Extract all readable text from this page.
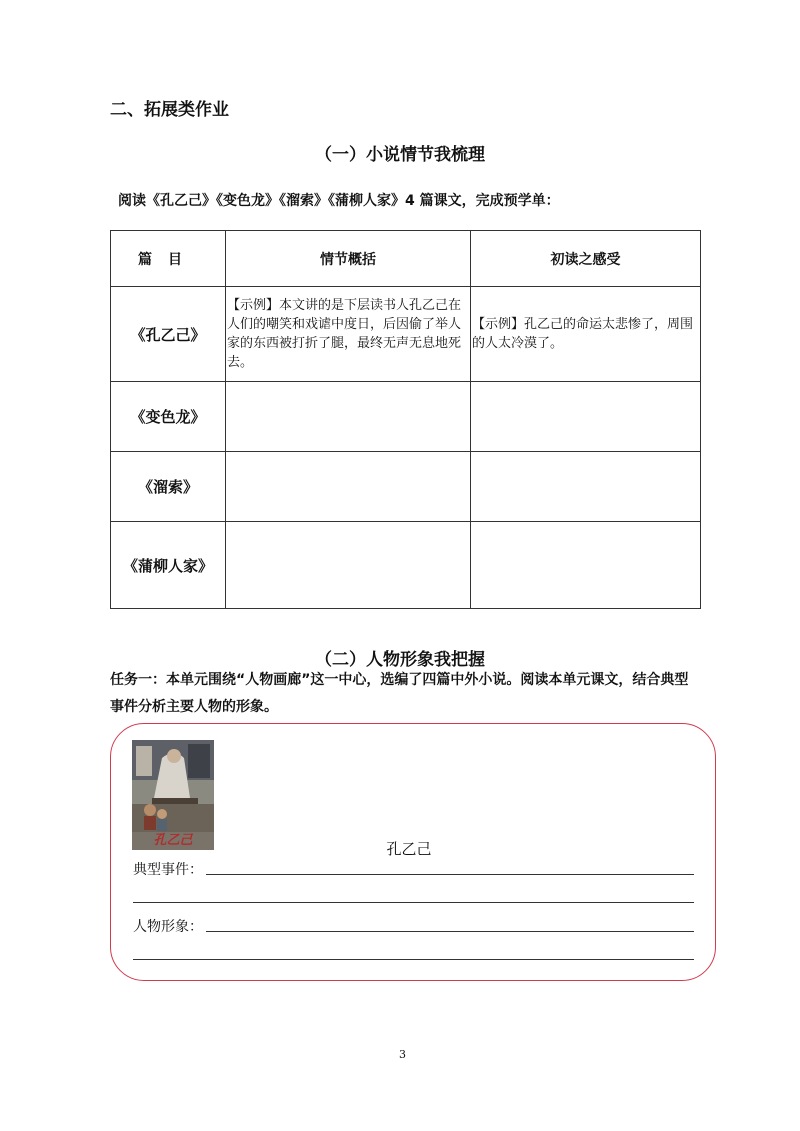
二、拓展类作业
（一）小说情节我梳理
阅读《孔乙己》《变色龙》《溜索》《蒲柳人家》4 篇课文，完成预学单：
篇目	情节概括	初读之感受
《孔乙己》	【示例】本文讲的是下层读书人孔乙己在人们的嘲笑和戏谑中度日，后因偷了举人家的东西被打折了腿，最终无声无息地死去。	【示例】孔乙己的命运太悲惨了，周围的人太冷漠了。
《变色龙》		
《溜索》		
《蒲柳人家》		
（二）人物形象我把握
任务一：本单元围绕“人物画廊”这一中心，选编了四篇中外小说。阅读本单元课文，结合典型事件分析主要人物的形象。
孔乙己	孔乙己
典型事件：
人物形象：
3
